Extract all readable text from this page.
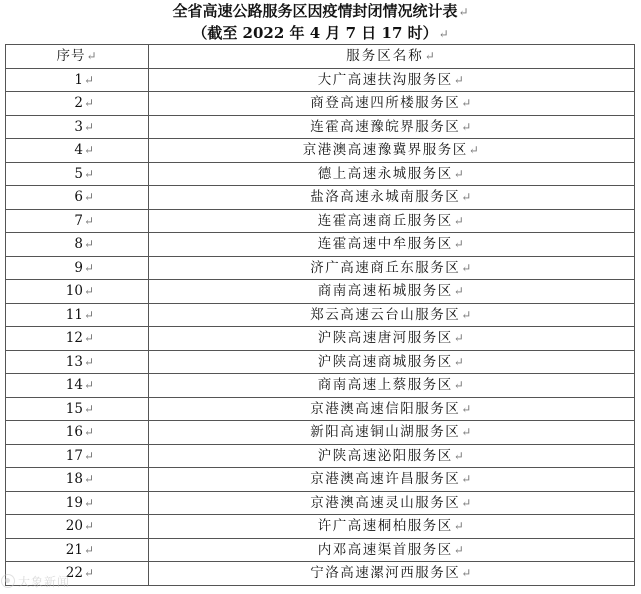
全省高速公路服务区因疫情封闭情况统计表↵
（截至 2022 年 4 月 7 日 17 时）↵
序号↵	服务区名称↵
1↵	大广高速扶沟服务区↵
2↵	商登高速四所楼服务区↵
3↵	连霍高速豫皖界服务区↵
4↵	京港澳高速豫冀界服务区↵
5↵	德上高速永城服务区↵
6↵	盐洛高速永城南服务区↵
7↵	连霍高速商丘服务区↵
8↵	连霍高速中牟服务区↵
9↵	济广高速商丘东服务区↵
10↵	商南高速柘城服务区↵
11↵	郑云高速云台山服务区↵
12↵	沪陕高速唐河服务区↵
13↵	沪陕高速商城服务区↵
14↵	商南高速上蔡服务区↵
15↵	京港澳高速信阳服务区↵
16↵	新阳高速铜山湖服务区↵
17↵	沪陕高速泌阳服务区↵
18↵	京港澳高速许昌服务区↵
19↵	京港澳高速灵山服务区↵
20↵	许广高速桐柏服务区↵
21↵	内邓高速渠首服务区↵
22↵	宁洛高速漯河西服务区↵
大象新闻
